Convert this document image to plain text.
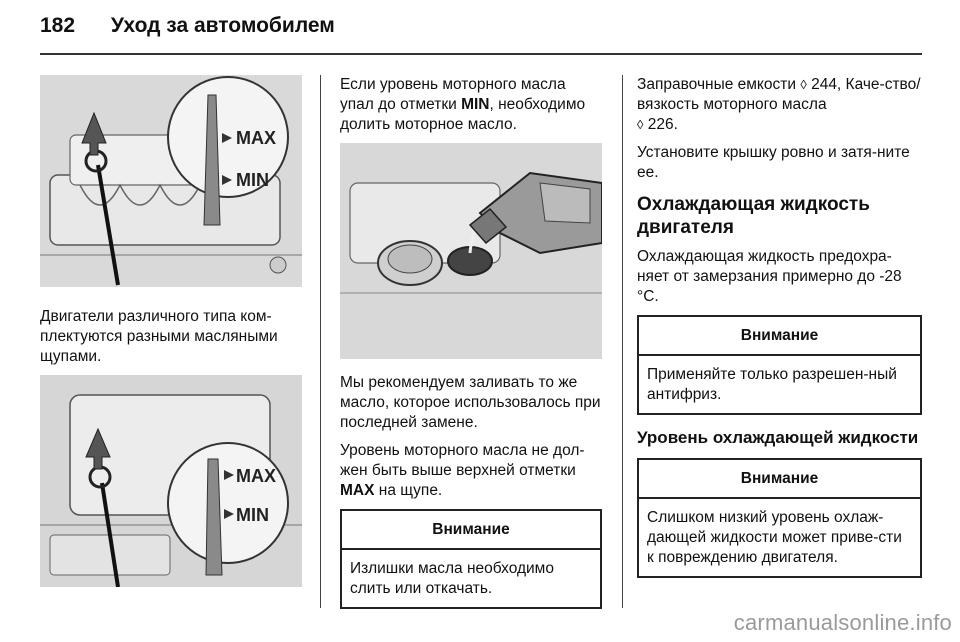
182 Уход за автомобилем
MAX
MIN

Двигатели различного типа ком-плектуются разными масляными щупами.

MAX
MIN

Если уровень моторного масла упал до отметки MIN, необходимо долить моторное масло.

Мы рекомендуем заливать то же масло, которое использовалось при последней замене.

Уровень моторного масла не дол-жен быть выше верхней отметки MAX на щупе.

Внимание
Излишки масла необходимо слить или откачать.

Заправочные емкости ◊ 244, Каче-ство/вязкость моторного масла
◊ 226.

Установите крышку ровно и затя-ните ее.

Охлаждающая жидкость двигателя

Охлаждающая жидкость предохра-няет от замерзания примерно до -28 °C.

Внимание
Применяйте только разрешен-ный антифриз.
Уровень охлаждающей жидкости
Внимание
Слишком низкий уровень охлаж-дающей жидкости может приве-сти к повреждению двигателя.
carmanualsonline.info
